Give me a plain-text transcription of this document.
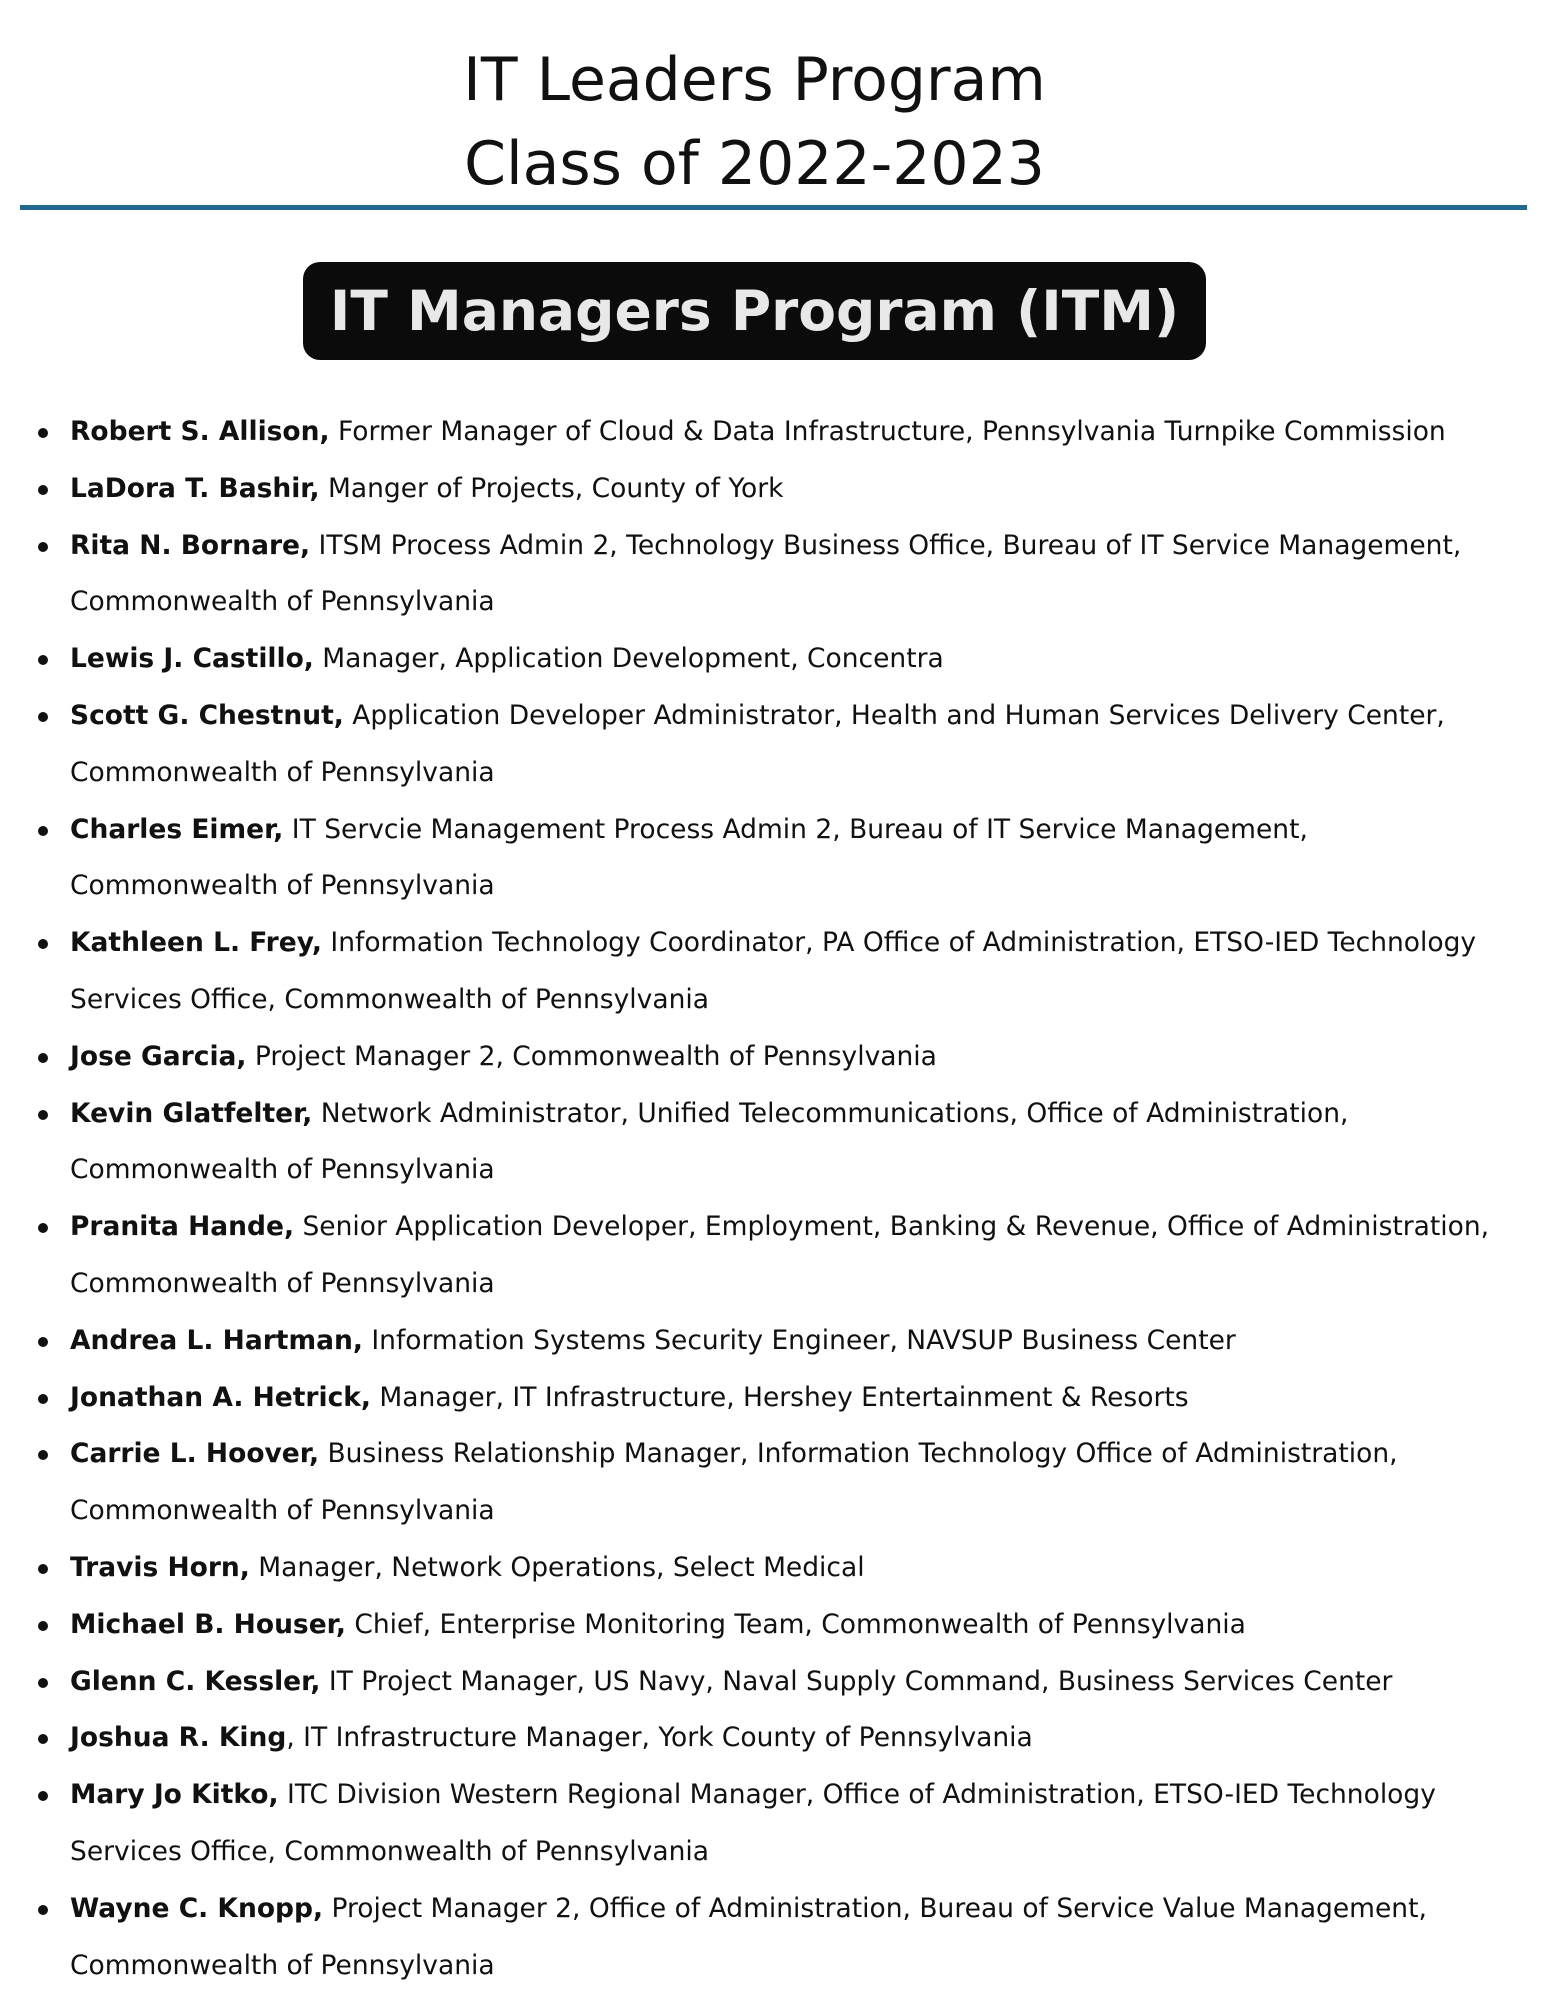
IT Leaders Program
Class of 2022-2023
IT Managers Program (ITM)
Robert S. Allison, Former Manager of Cloud & Data Infrastructure, Pennsylvania Turnpike Commission
LaDora T. Bashir, Manger of Projects, County of York
Rita N. Bornare, ITSM Process Admin 2, Technology Business Office, Bureau of IT Service Management,
Commonwealth of Pennsylvania
Lewis J. Castillo, Manager, Application Development, Concentra
Scott G. Chestnut, Application Developer Administrator, Health and Human Services Delivery Center,
Commonwealth of Pennsylvania
Charles Eimer, IT Servcie Management Process Admin 2, Bureau of IT Service Management,
Commonwealth of Pennsylvania
Kathleen L. Frey, Information Technology Coordinator, PA Office of Administration, ETSO-IED Technology
Services Office, Commonwealth of Pennsylvania
Jose Garcia, Project Manager 2, Commonwealth of Pennsylvania
Kevin Glatfelter, Network Administrator, Unified Telecommunications, Office of Administration,
Commonwealth of Pennsylvania
Pranita Hande, Senior Application Developer, Employment, Banking & Revenue, Office of Administration,
Commonwealth of Pennsylvania
Andrea L. Hartman, Information Systems Security Engineer, NAVSUP Business Center
Jonathan A. Hetrick, Manager, IT Infrastructure, Hershey Entertainment & Resorts
Carrie L. Hoover, Business Relationship Manager, Information Technology Office of Administration,
Commonwealth of Pennsylvania
Travis Horn, Manager, Network Operations, Select Medical
Michael B. Houser, Chief, Enterprise Monitoring Team, Commonwealth of Pennsylvania
Glenn C. Kessler, IT Project Manager, US Navy, Naval Supply Command, Business Services Center
Joshua R. King, IT Infrastructure Manager, York County of Pennsylvania
Mary Jo Kitko, ITC Division Western Regional Manager, Office of Administration, ETSO-IED Technology
Services Office, Commonwealth of Pennsylvania
Wayne C. Knopp, Project Manager 2, Office of Administration, Bureau of Service Value Management,
Commonwealth of Pennsylvania
